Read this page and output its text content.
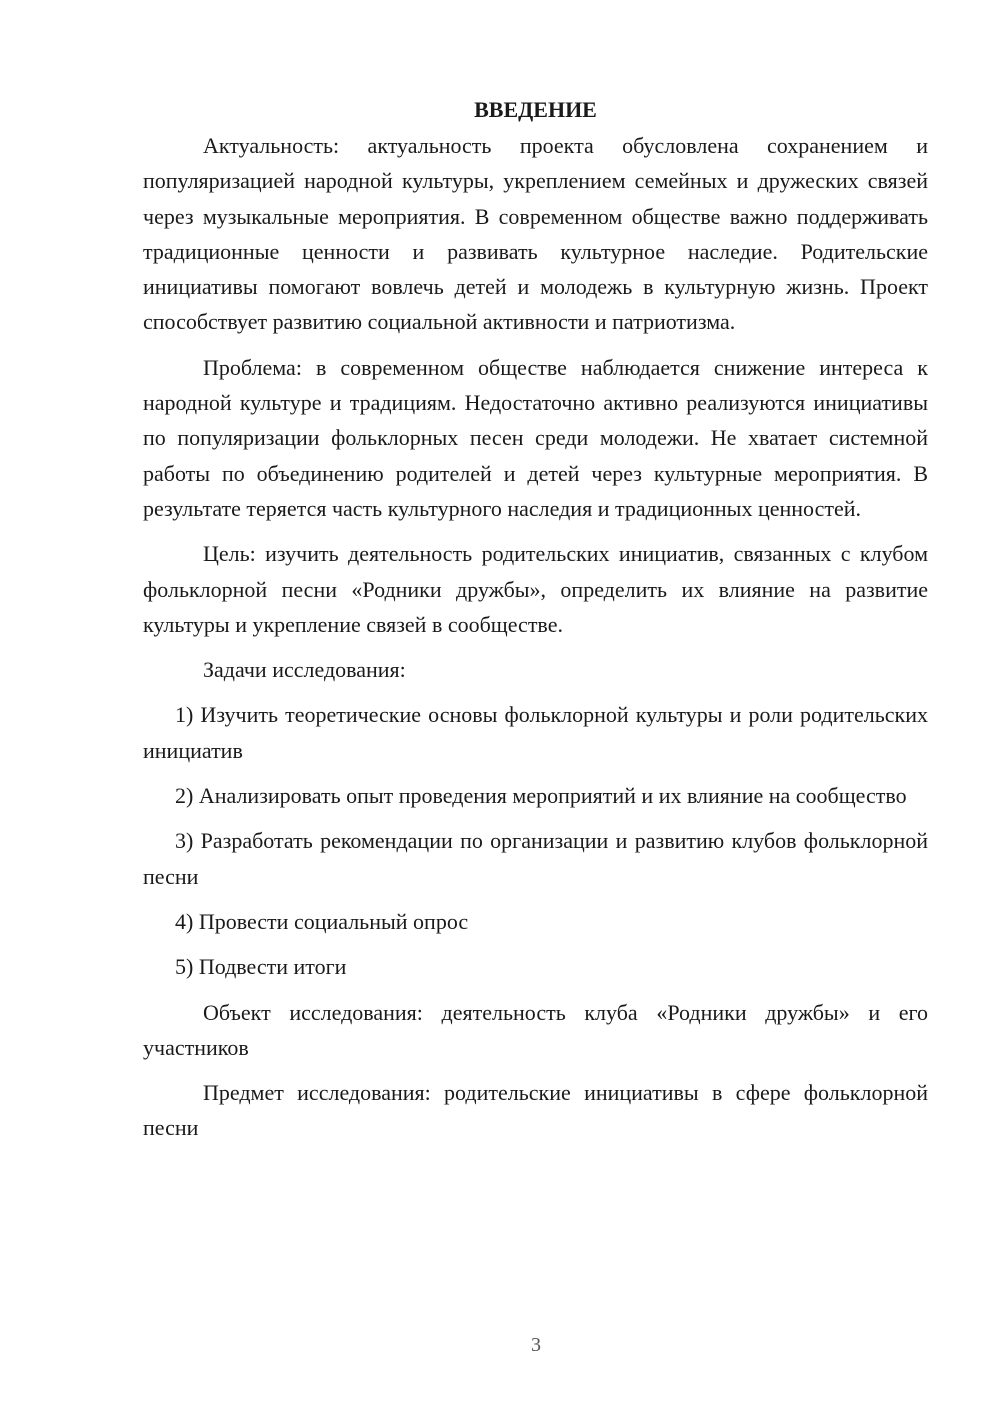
ВВЕДЕНИЕ

Актуальность: актуальность проекта обусловлена сохранением и популяризацией народной культуры, укреплением семейных и дружеских связей через музыкальные мероприятия. В современном обществе важно поддерживать традиционные ценности и развивать культурное наследие. Родительские инициативы помогают вовлечь детей и молодежь в культурную жизнь. Проект способствует развитию социальной активности и патриотизма.

Проблема: в современном обществе наблюдается снижение интереса к народной культуре и традициям. Недостаточно активно реализуются инициативы по популяризации фольклорных песен среди молодежи. Не хватает системной работы по объединению родителей и детей через культурные мероприятия. В результате теряется часть культурного наследия и традиционных ценностей.

Цель: изучить деятельность родительских инициатив, связанных с клубом фольклорной песни «Родники дружбы», определить их влияние на развитие культуры и укрепление связей в сообществе.

Задачи исследования:

1) Изучить теоретические основы фольклорной культуры и роли родительских инициатив

2) Анализировать опыт проведения мероприятий и их влияние на сообщество

3) Разработать рекомендации по организации и развитию клубов фольклорной песни

4) Провести социальный опрос

5) Подвести итоги

Объект исследования: деятельность клуба «Родники дружбы» и его участников

Предмет исследования: родительские инициативы в сфере фольклорной песни

3
